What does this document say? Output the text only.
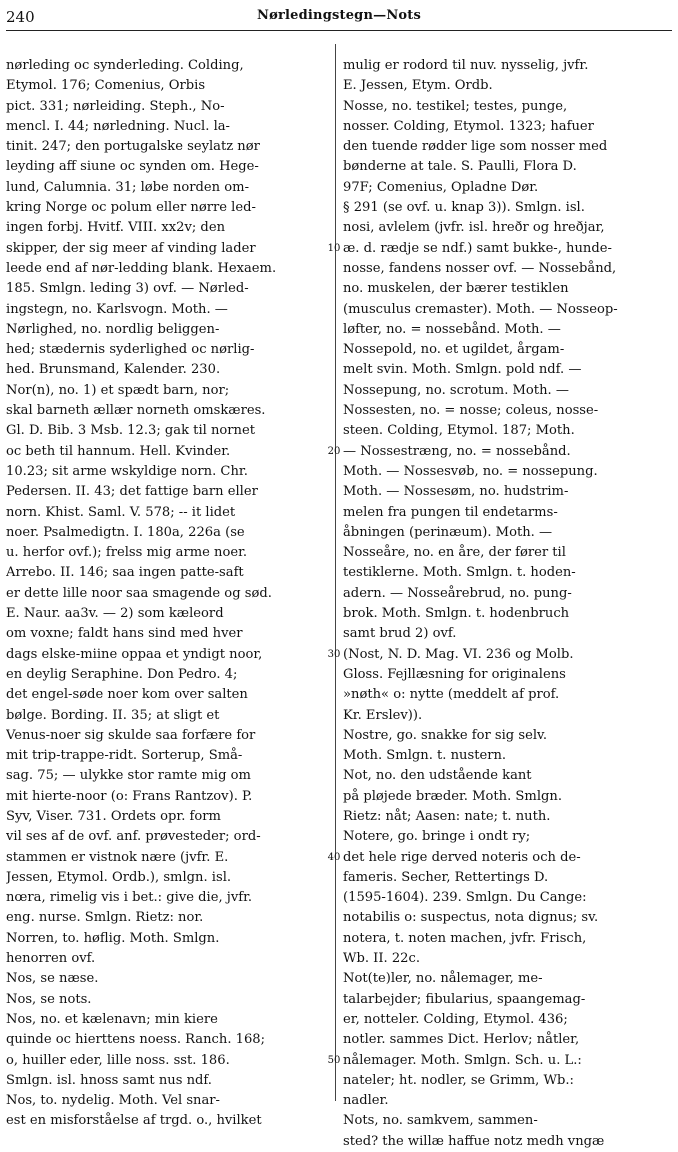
240	Nørledingstegn—Nots
nørleding oc synderleding. Colding,
Etymol. 176; Comenius, Orbis
pict. 331; nørleiding. Steph., No-
mencl. I. 44; nørledning. Nucl. la-
tinit. 247; den portugalske seylatz nør
leyding aff siune oc synden om. Hege-
lund, Calumnia. 31; løbe norden om-
kring Norge oc polum eller nørre led-
ingen forbj. Hvitf. VIII. xx2v; den
skipper, der sig meer af vinding lader
leede end af nør-ledding blank. Hexaem.
185. Smlgn. leding 3) ovf. — Nørled-
ingstegn, no. Karlsvogn. Moth. —
Nørlighed, no. nordlig beliggen-
hed; stædernis syderlighed oc nørlig-
hed. Brunsmand, Kalender. 230.
Nor(n), no. 1) et spædt barn, nor;
skal barneth ællær norneth omskæres.
Gl. D. Bib. 3 Msb. 12.3; gak til nornet
oc beth til hannum. Hell. Kvinder.
10.23; sit arme wskyldige norn. Chr.
Pedersen. II. 43; det fattige barn eller
norn. Khist. Saml. V. 578; -- it lidet
noer. Psalmedigtn. I. 180a, 226a (se
u. herfor ovf.); frelss mig arme noer.
Arrebo. II. 146; saa ingen patte-saft
er dette lille noor saa smagende og sød.
E. Naur. aa3v. — 2) som kæleord
om voxne; faldt hans sind med hver
dags elske-miine oppaa et yndigt noor,
en deylig Seraphine. Don Pedro. 4;
det engel-søde noer kom over salten
bølge. Bording. II. 35; at sligt et
Venus-noer sig skulde saa forfære for
mit trip-trappe-ridt. Sorterup, Små-
sag. 75; — ulykke stor ramte mig om
mit hierte-noor (o: Frans Rantzov). P.
Syv, Viser. 731. Ordets opr. form
vil ses af de ovf. anf. prøvesteder; ord-
stammen er vistnok nære (jvfr. E.
Jessen, Etymol. Ordb.), smlgn. isl.
nœra, rimelig vis i bet.: give die, jvfr.
eng. nurse. Smlgn. Rietz: nor.
Norren, to. høflig. Moth. Smlgn.
henorren ovf.
Nos, se næse.
Nos, se nots.
Nos, no. et kælenavn; min kiere
quinde oc hierttens noess. Ranch. 168;
o, huiller eder, lille noss. sst. 186.
Smlgn. isl. hnoss samt nus ndf.
Nos, to. nydelig. Moth. Vel snar-
est en misforståelse af trgd. o., hvilket
mulig er rodord til nuv. nysselig, jvfr.
E. Jessen, Etym. Ordb.
Nosse, no. testikel; testes, punge,
nosser. Colding, Etymol. 1323; hafuer
den tuende rødder lige som nosser med
bønderne at tale. S. Paulli, Flora D.
97F; Comenius, Opladne Dør.
§ 291 (se ovf. u. knap 3)). Smlgn. isl.
nosi, avlelem (jvfr. isl. hreðr og hreðjar,
æ. d. rædje se ndf.) samt bukke-, hunde-
nosse, fandens nosser ovf. — Nossebånd,
no. muskelen, der bærer testiklen
(musculus cremaster). Moth. — Nosseop-
løfter, no. = nossebånd. Moth. —
Nossepold, no. et ugildet, årgam-
melt svin. Moth. Smlgn. pold ndf. —
Nossepung, no. scrotum. Moth. —
Nossesten, no. = nosse; coleus, nosse-
steen. Colding, Etymol. 187; Moth.
— Nossestræng, no. = nossebånd.
Moth. — Nossesvøb, no. = nossepung.
Moth. — Nossesøm, no. hudstrim-
melen fra pungen til endetarms-
åbningen (perinæum). Moth. —
Nosseåre, no. en åre, der fører til
testiklerne. Moth. Smlgn. t. hoden-
adern. — Nosseårebrud, no. pung-
brok. Moth. Smlgn. t. hodenbruch
samt brud 2) ovf.
(Nost, N. D. Mag. VI. 236 og Molb.
Gloss. Fejllæsning for originalens
»nøth« o: nytte (meddelt af prof.
Kr. Erslev)).
Nostre, go. snakke for sig selv.
Moth. Smlgn. t. nustern.
Not, no. den udstående kant
på pløjede bræder. Moth. Smlgn.
Rietz: nåt; Aasen: nate; t. nuth.
Notere, go. bringe i ondt ry;
det hele rige derved noteris och de-
fameris. Secher, Rettertings D.
(1595-1604). 239. Smlgn. Du Cange:
notabilis o: suspectus, nota dignus; sv.
notera, t. noten machen, jvfr. Frisch,
Wb. II. 22c.
Not(te)ler, no. nålemager, me-
talarbejder; fibularius, spaangemag-
er, notteler. Colding, Etymol. 436;
notler. sammes Dict. Herlov; nåtler,
nålemager. Moth. Smlgn. Sch. u. L.:
nateler; ht. nodler, se Grimm, Wb.:
nadler.
Nots, no. samkvem, sammen-
sted? the willæ haffue notz medh vngæ
10
20
30
40
50
